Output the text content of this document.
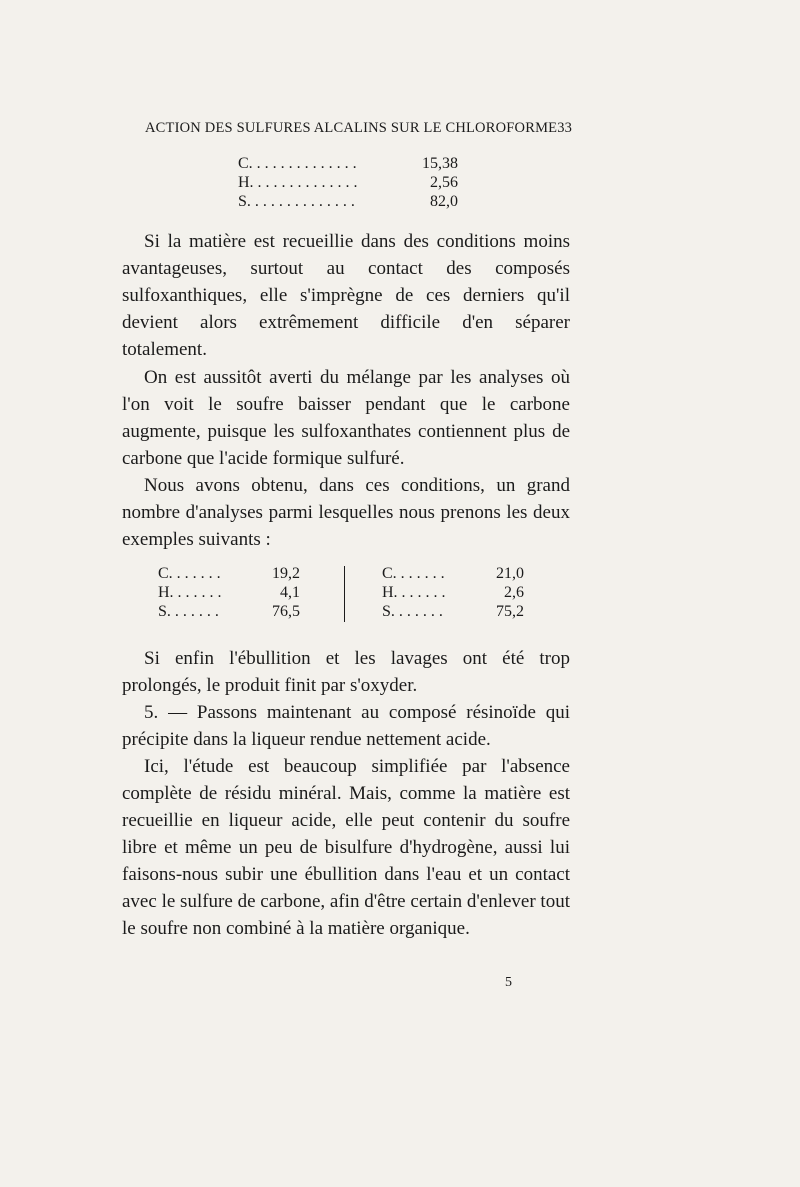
ACTION DES SULFURES ALCALINS SUR LE CHLOROFORME 33
C. . . . . . . . . . . . . .	15,38
H. . . . . . . . . . . . . .	2,56
S. . . . . . . . . . . . . .	82,0

Si la matière est recueillie dans des conditions moins avantageuses, surtout au contact des composés sulfoxanthiques, elle s'imprègne de ces derniers qu'il devient alors extrêmement difficile d'en séparer totalement.

On est aussitôt averti du mélange par les analyses où l'on voit le soufre baisser pendant que le carbone augmente, puisque les sulfoxanthates contiennent plus de carbone que l'acide formique sulfuré.

Nous avons obtenu, dans ces conditions, un grand nombre d'analyses parmi lesquelles nous prenons les deux exemples suivants :

C. . . . . . .	19,2
H. . . . . . .	4,1
S. . . . . . .	76,5
C. . . . . . .	21,0
H. . . . . . .	2,6
S. . . . . . .	75,2

Si enfin l'ébullition et les lavages ont été trop prolongés, le produit finit par s'oxyder.

5. — Passons maintenant au composé résinoïde qui précipite dans la liqueur rendue nettement acide.

Ici, l'étude est beaucoup simplifiée par l'absence complète de résidu minéral. Mais, comme la matière est recueillie en liqueur acide, elle peut contenir du soufre libre et même un peu de bisulfure d'hydrogène, aussi lui faisons-nous subir une ébullition dans l'eau et un contact avec le sulfure de carbone, afin d'être certain d'enlever tout le soufre non combiné à la matière organique.

5
